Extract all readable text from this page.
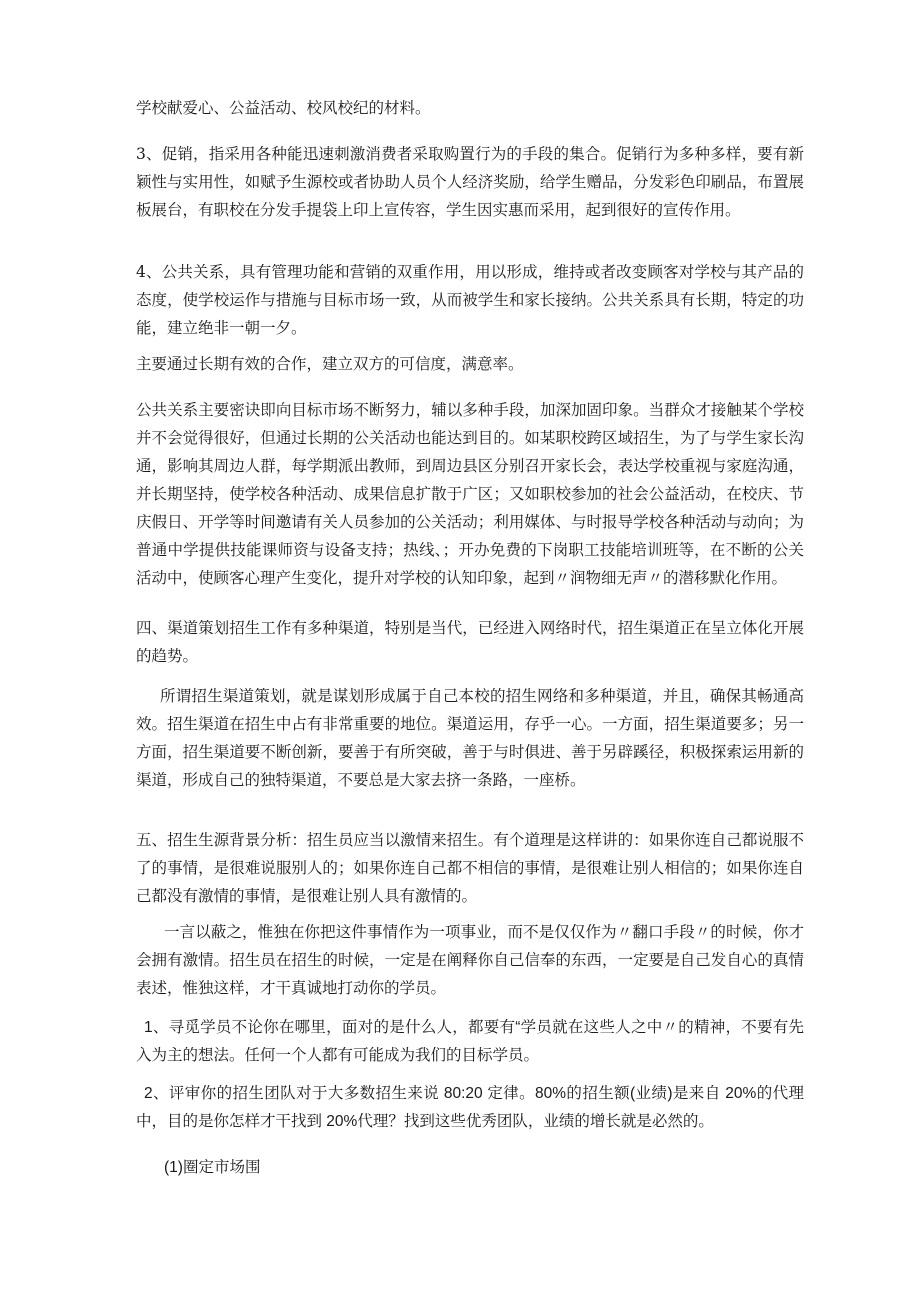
学校献爱心、公益活动、校风校纪的材料。

3、促销，指采用各种能迅速刺激消费者采取购置行为的手段的集合。促销行为多种多样，要有新颖性与实用性，如赋予生源校或者协助人员个人经济奖励，给学生赠品，分发彩色印刷品，布置展板展台，有职校在分发手提袋上印上宣传容，学生因实惠而采用，起到很好的宣传作用。

4、公共关系，具有管理功能和营销的双重作用，用以形成，维持或者改变顾客对学校与其产品的态度，使学校运作与措施与目标市场一致，从而被学生和家长接纳。公共关系具有长期，特定的功能，建立绝非一朝一夕。

主要通过长期有效的合作，建立双方的可信度，满意率。

公共关系主要密诀即向目标市场不断努力，辅以多种手段，加深加固印象。当群众才接触某个学校并不会觉得很好，但通过长期的公关活动也能达到目的。如某职校跨区域招生，为了与学生家长沟通，影响其周边人群，每学期派出教师，到周边县区分别召开家长会，表达学校重视与家庭沟通，并长期坚持，使学校各种活动、成果信息扩散于广区；又如职校参加的社会公益活动，在校庆、节庆假日、开学等时间邀请有关人员参加的公关活动；利用媒体、与时报导学校各种活动与动向；为普通中学提供技能课师资与设备支持；热线、；开办免费的下岗职工技能培训班等，在不断的公关活动中，使顾客心理产生变化，提升对学校的认知印象，起到〃润物细无声〃的潜移默化作用。

四、渠道策划招生工作有多种渠道，特别是当代，已经进入网络时代，招生渠道正在呈立体化开展的趋势。

所谓招生渠道策划，就是谋划形成属于自己本校的招生网络和多种渠道，并且，确保其畅通高效。招生渠道在招生中占有非常重要的地位。渠道运用，存乎一心。一方面，招生渠道要多；另一方面，招生渠道要不断创新，要善于有所突破，善于与时俱进、善于另辟蹊径，积极探索运用新的渠道，形成自己的独特渠道，不要总是大家去挤一条路，一座桥。

五、招生生源背景分析：招生员应当以激情来招生。有个道理是这样讲的：如果你连自己都说服不了的事情，是很难说服别人的；如果你连自己都不相信的事情，是很难让别人相信的；如果你连自己都没有激情的事情，是很难让别人具有激情的。

一言以蔽之，惟独在你把这件事情作为一项事业，而不是仅仅作为〃翻口手段〃的时候，你才会拥有激情。招生员在招生的时候，一定是在阐释你自己信奉的东西，一定要是自己发自心的真情表述，惟独这样，才干真诚地打动你的学员。

1、寻觅学员不论你在哪里，面对的是什么人，都要有“学员就在这些人之中〃的精神，不要有先入为主的想法。任何一个人都有可能成为我们的目标学员。

2、评审你的招生团队对于大多数招生来说 80:20 定律。80%的招生额(业绩)是来自 20%的代理中，目的是你怎样才干找到 20%代理？找到这些优秀团队，业绩的增长就是必然的。

(1)圈定市场围
